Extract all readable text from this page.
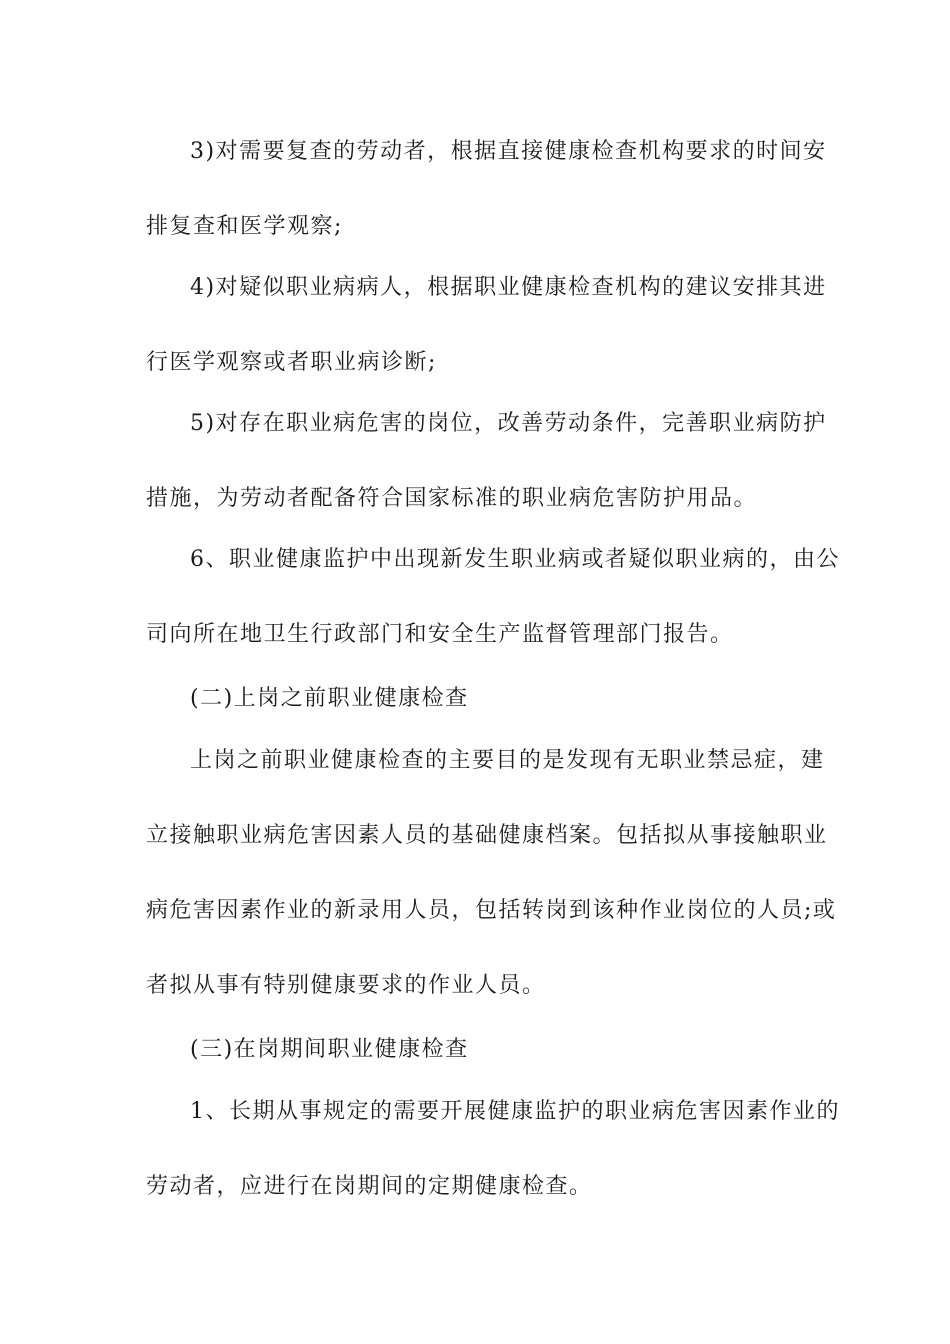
3)对需要复查的劳动者，根据直接健康检查机构要求的时间安
排复查和医学观察;
4)对疑似职业病病人，根据职业健康检查机构的建议安排其进
行医学观察或者职业病诊断;
5)对存在职业病危害的岗位，改善劳动条件，完善职业病防护
措施，为劳动者配备符合国家标准的职业病危害防护用品。
6、职业健康监护中出现新发生职业病或者疑似职业病的，由公
司向所在地卫生行政部门和安全生产监督管理部门报告。
(二)上岗之前职业健康检查
上岗之前职业健康检查的主要目的是发现有无职业禁忌症，建
立接触职业病危害因素人员的基础健康档案。包括拟从事接触职业
病危害因素作业的新录用人员，包括转岗到该种作业岗位的人员;或
者拟从事有特别健康要求的作业人员。
(三)在岗期间职业健康检查
1、长期从事规定的需要开展健康监护的职业病危害因素作业的
劳动者，应进行在岗期间的定期健康检查。
